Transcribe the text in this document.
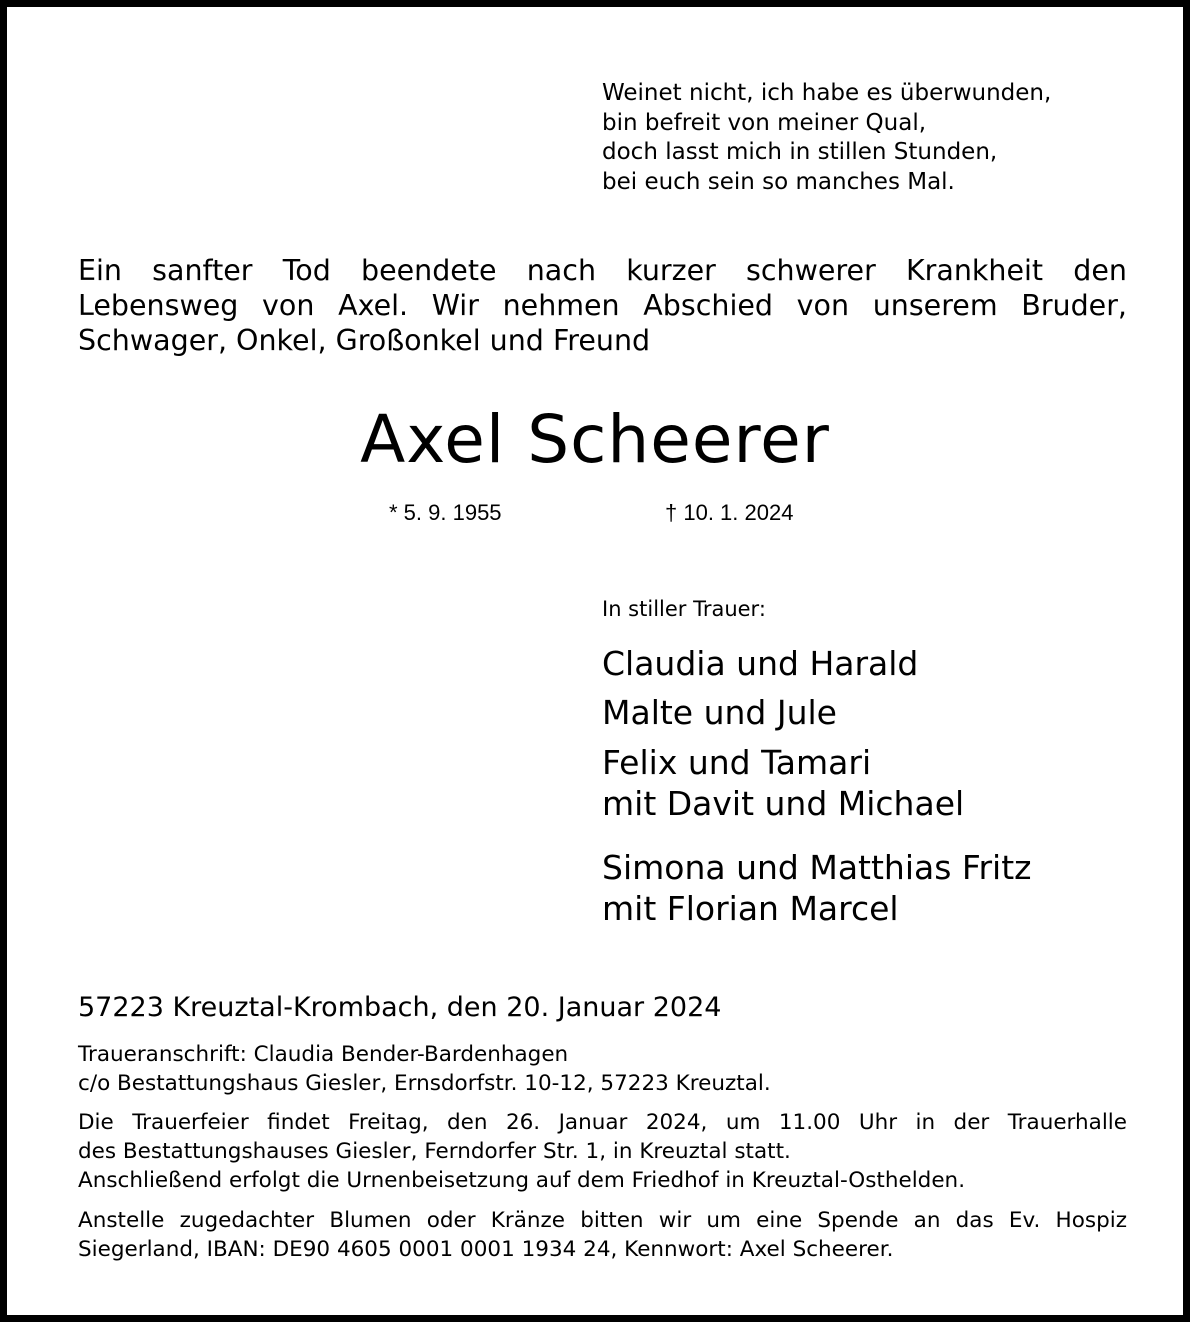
Weinet nicht, ich habe es überwunden,
bin befreit von meiner Qual,
doch lasst mich in stillen Stunden,
bei euch sein so manches Mal.
Ein sanfter Tod beendete nach kurzer schwerer Krankheit den
Lebensweg von Axel. Wir nehmen Abschied von unserem Bruder,
Schwager, Onkel, Großonkel und Freund
Axel Scheerer
* 5. 9. 1955	† 10. 1. 2024
In stiller Trauer:
Claudia und Harald
Malte und Jule
Felix und Tamari
mit Davit und Michael
Simona und Matthias Fritz
mit Florian Marcel
57223 Kreuztal-Krombach, den 20. Januar 2024
Traueranschrift: Claudia Bender-Bardenhagen
c/o Bestattungshaus Giesler, Ernsdorfstr. 10-12, 57223 Kreuztal.
Die Trauerfeier findet Freitag, den 26. Januar 2024, um 11.00 Uhr in der Trauerhalle
des Bestattungshauses Giesler, Ferndorfer Str. 1, in Kreuztal statt.
Anschließend erfolgt die Urnenbeisetzung auf dem Friedhof in Kreuztal-Osthelden.
Anstelle zugedachter Blumen oder Kränze bitten wir um eine Spende an das Ev. Hospiz
Siegerland, IBAN: DE90 4605 0001 0001 1934 24, Kennwort: Axel Scheerer.
